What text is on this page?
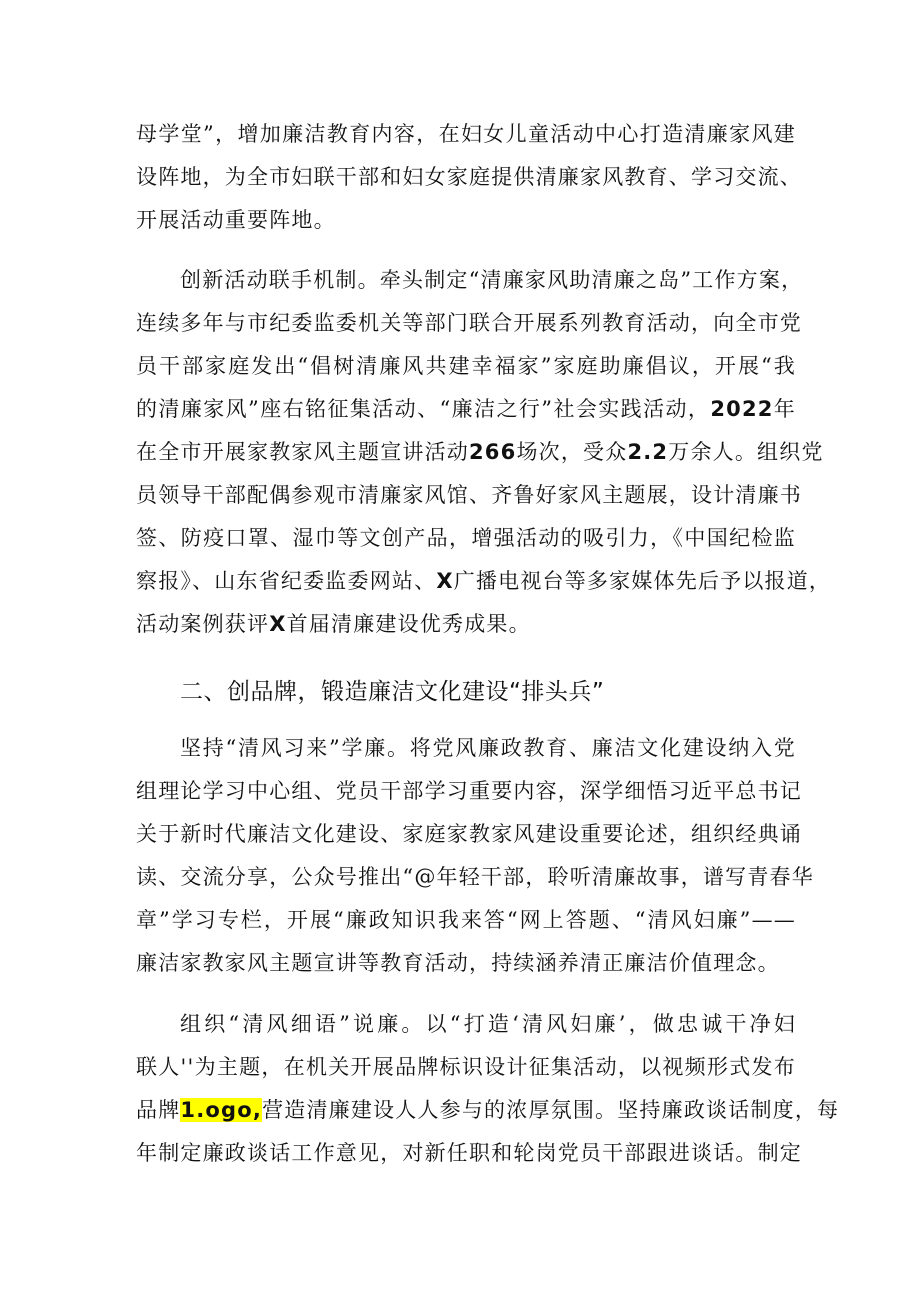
母学堂”，增加廉洁教育内容，在妇女儿童活动中心打造清廉家风建
设阵地，为全市妇联干部和妇女家庭提供清廉家风教育、学习交流、
开展活动重要阵地。
创新活动联手机制。牵头制定“清廉家风助清廉之岛”工作方案，
连续多年与市纪委监委机关等部门联合开展系列教育活动，向全市党
员干部家庭发出“倡树清廉风共建幸福家”家庭助廉倡议，开展“我
的清廉家风”座右铭征集活动、“廉洁之行”社会实践活动，2022年
在全市开展家教家风主题宣讲活动266场次，受众2.2万余人。组织党
员领导干部配偶参观市清廉家风馆、齐鲁好家风主题展，设计清廉书
签、防疫口罩、湿巾等文创产品，增强活动的吸引力，《中国纪检监
察报》、山东省纪委监委网站、X广播电视台等多家媒体先后予以报道，
活动案例获评X首届清廉建设优秀成果。
二、创品牌，锻造廉洁文化建设“排头兵”
坚持“清风习来”学廉。将党风廉政教育、廉洁文化建设纳入党
组理论学习中心组、党员干部学习重要内容，深学细悟习近平总书记
关于新时代廉洁文化建设、家庭家教家风建设重要论述，组织经典诵
读、交流分享，公众号推出“@年轻干部，聆听清廉故事，谱写青春华
章”学习专栏，开展“廉政知识我来答“网上答题、“清风妇廉”——
廉洁家教家风主题宣讲等教育活动，持续涵养清正廉洁价值理念。
组织“清风细语”说廉。以“打造‘清风妇廉’，做忠诚干净妇
联人''为主题，在机关开展品牌标识设计征集活动，以视频形式发布
品牌1.ogo,营造清廉建设人人参与的浓厚氛围。坚持廉政谈话制度，每
年制定廉政谈话工作意见，对新任职和轮岗党员干部跟进谈话。制定
